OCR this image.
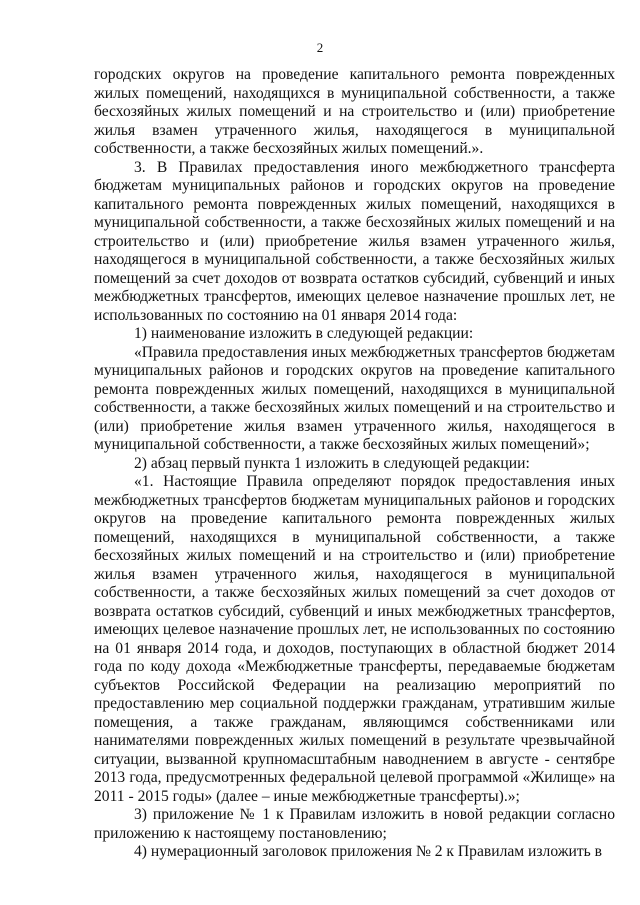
2

городских округов на проведение капитального ремонта поврежденных жилых помещений, находящихся в муниципальной собственности, а также бесхозяйных жилых помещений и на строительство и (или) приобретение жилья взамен утраченного жилья, находящегося в муниципальной собственности, а также бесхозяйных жилых помещений.».

3. В Правилах предоставления иного межбюджетного трансферта бюджетам муниципальных районов и городских округов на проведение капитального ремонта поврежденных жилых помещений, находящихся в муниципальной собственности, а также бесхозяйных жилых помещений и на строительство и (или) приобретение жилья взамен утраченного жилья, находящегося в муниципальной собственности, а также бесхозяйных жилых помещений за счет доходов от возврата остатков субсидий, субвенций и иных межбюджетных трансфертов, имеющих целевое назначение прошлых лет, не использованных по состоянию на 01 января 2014 года:

1) наименование изложить в следующей редакции:

«Правила предоставления иных межбюджетных трансфертов бюджетам муниципальных районов и городских округов на проведение капитального ремонта поврежденных жилых помещений, находящихся в муниципальной собственности, а также бесхозяйных жилых помещений и на строительство и (или) приобретение жилья взамен утраченного жилья, находящегося в муниципальной собственности, а также бесхозяйных жилых помещений»;

2) абзац первый пункта 1 изложить в следующей редакции:

«1. Настоящие Правила определяют порядок предоставления иных межбюджетных трансфертов бюджетам муниципальных районов и городских округов на проведение капитального ремонта поврежденных жилых помещений, находящихся в муниципальной собственности, а также бесхозяйных жилых помещений и на строительство и (или) приобретение жилья взамен утраченного жилья, находящегося в муниципальной собственности, а также бесхозяйных жилых помещений за счет доходов от возврата остатков субсидий, субвенций и иных межбюджетных трансфертов, имеющих целевое назначение прошлых лет, не использованных по состоянию на 01 января 2014 года, и доходов, поступающих в областной бюджет 2014 года по коду дохода «Межбюджетные трансферты, передаваемые бюджетам субъектов Российской Федерации на реализацию мероприятий по предоставлению мер социальной поддержки гражданам, утратившим жилые помещения, а также гражданам, являющимся собственниками или нанимателями поврежденных жилых помещений в результате чрезвычайной ситуации, вызванной крупномасштабным наводнением в августе - сентябре 2013 года, предусмотренных федеральной целевой программой «Жилище» на 2011 - 2015 годы» (далее – иные межбюджетные трансферты).»;

3) приложение № 1 к Правилам изложить в новой редакции согласно приложению к настоящему постановлению;

4) нумерационный заголовок приложения № 2 к Правилам изложить в
